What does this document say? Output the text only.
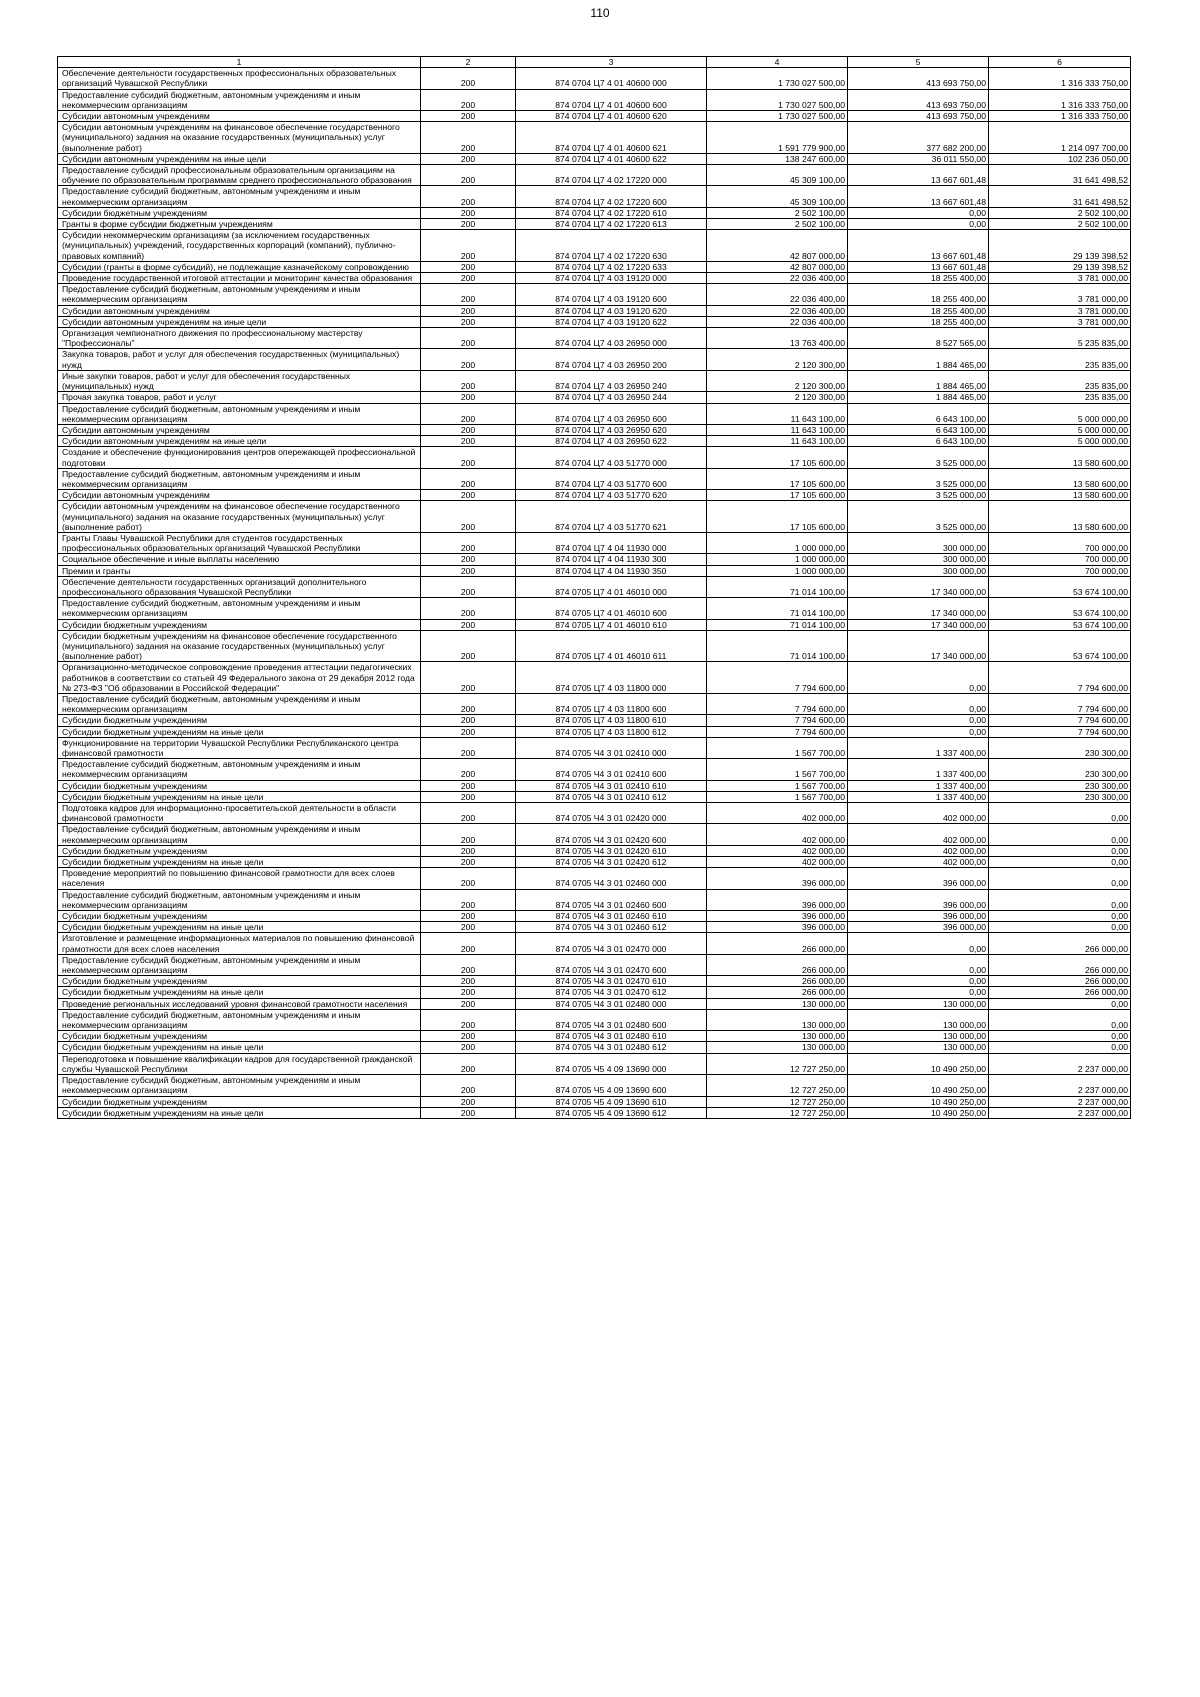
110
1	2	3	4	5	6
Обеспечение деятельности государственных профессиональных образовательных организаций Чувашской Республики	200	874 0704 Ц7 4 01 40600 000	1 730 027 500,00	413 693 750,00	1 316 333 750,00
Предоставление субсидий бюджетным, автономным учреждениям и иным некоммерческим организациям	200	874 0704 Ц7 4 01 40600 600	1 730 027 500,00	413 693 750,00	1 316 333 750,00
Субсидии автономным учреждениям	200	874 0704 Ц7 4 01 40600 620	1 730 027 500,00	413 693 750,00	1 316 333 750,00
Субсидии автономным учреждениям на финансовое обеспечение государственного (муниципального) задания на оказание государственных (муниципальных) услуг (выполнение работ)	200	874 0704 Ц7 4 01 40600 621	1 591 779 900,00	377 682 200,00	1 214 097 700,00
Субсидии автономным учреждениям на иные цели	200	874 0704 Ц7 4 01 40600 622	138 247 600,00	36 011 550,00	102 236 050,00
Предоставление субсидий профессиональным образовательным организациям на обучение по образовательным программам среднего профессионального образования	200	874 0704 Ц7 4 02 17220 000	45 309 100,00	13 667 601,48	31 641 498,52
Предоставление субсидий бюджетным, автономным учреждениям и иным некоммерческим организациям	200	874 0704 Ц7 4 02 17220 600	45 309 100,00	13 667 601,48	31 641 498,52
Субсидии бюджетным учреждениям	200	874 0704 Ц7 4 02 17220 610	2 502 100,00	0,00	2 502 100,00
Гранты в форме субсидии бюджетным учреждениям	200	874 0704 Ц7 4 02 17220 613	2 502 100,00	0,00	2 502 100,00
Субсидии некоммерческим организациям (за исключением государственных (муниципальных) учреждений, государственных корпораций (компаний), публично-правовых компаний)	200	874 0704 Ц7 4 02 17220 630	42 807 000,00	13 667 601,48	29 139 398,52
Субсидии (гранты в форме субсидий), не подлежащие казначейскому сопровождению	200	874 0704 Ц7 4 02 17220 633	42 807 000,00	13 667 601,48	29 139 398,52
Проведение государственной итоговой аттестации и мониторинг качества образования	200	874 0704 Ц7 4 03 19120 000	22 036 400,00	18 255 400,00	3 781 000,00
Предоставление субсидий бюджетным, автономным учреждениям и иным некоммерческим организациям	200	874 0704 Ц7 4 03 19120 600	22 036 400,00	18 255 400,00	3 781 000,00
Субсидии автономным учреждениям	200	874 0704 Ц7 4 03 19120 620	22 036 400,00	18 255 400,00	3 781 000,00
Субсидии автономным учреждениям на иные цели	200	874 0704 Ц7 4 03 19120 622	22 036 400,00	18 255 400,00	3 781 000,00
Организация чемпионатного движения по профессиональному мастерству "Профессионалы"	200	874 0704 Ц7 4 03 26950 000	13 763 400,00	8 527 565,00	5 235 835,00
Закупка товаров, работ и услуг для обеспечения государственных (муниципальных) нужд	200	874 0704 Ц7 4 03 26950 200	2 120 300,00	1 884 465,00	235 835,00
Иные закупки товаров, работ и услуг для обеспечения государственных (муниципальных) нужд	200	874 0704 Ц7 4 03 26950 240	2 120 300,00	1 884 465,00	235 835,00
Прочая закупка товаров, работ и услуг	200	874 0704 Ц7 4 03 26950 244	2 120 300,00	1 884 465,00	235 835,00
Предоставление субсидий бюджетным, автономным учреждениям и иным некоммерческим организациям	200	874 0704 Ц7 4 03 26950 600	11 643 100,00	6 643 100,00	5 000 000,00
Субсидии автономным учреждениям	200	874 0704 Ц7 4 03 26950 620	11 643 100,00	6 643 100,00	5 000 000,00
Субсидии автономным учреждениям на иные цели	200	874 0704 Ц7 4 03 26950 622	11 643 100,00	6 643 100,00	5 000 000,00
Создание и обеспечение функционирования центров опережающей профессиональной подготовки	200	874 0704 Ц7 4 03 51770 000	17 105 600,00	3 525 000,00	13 580 600,00
Предоставление субсидий бюджетным, автономным учреждениям и иным некоммерческим организациям	200	874 0704 Ц7 4 03 51770 600	17 105 600,00	3 525 000,00	13 580 600,00
Субсидии автономным учреждениям	200	874 0704 Ц7 4 03 51770 620	17 105 600,00	3 525 000,00	13 580 600,00
Субсидии автономным учреждениям на финансовое обеспечение государственного (муниципального) задания на оказание государственных (муниципальных) услуг (выполнение работ)	200	874 0704 Ц7 4 03 51770 621	17 105 600,00	3 525 000,00	13 580 600,00
Гранты Главы Чувашской Республики для студентов государственных профессиональных образовательных организаций Чувашской Республики	200	874 0704 Ц7 4 04 11930 000	1 000 000,00	300 000,00	700 000,00
Социальное обеспечение и иные выплаты населению	200	874 0704 Ц7 4 04 11930 300	1 000 000,00	300 000,00	700 000,00
Премии и гранты	200	874 0704 Ц7 4 04 11930 350	1 000 000,00	300 000,00	700 000,00
Обеспечение деятельности государственных организаций дополнительного профессионального образования Чувашской Республики	200	874 0705 Ц7 4 01 46010 000	71 014 100,00	17 340 000,00	53 674 100,00
Предоставление субсидий бюджетным, автономным учреждениям и иным некоммерческим организациям	200	874 0705 Ц7 4 01 46010 600	71 014 100,00	17 340 000,00	53 674 100,00
Субсидии бюджетным учреждениям	200	874 0705 Ц7 4 01 46010 610	71 014 100,00	17 340 000,00	53 674 100,00
Субсидии бюджетным учреждениям на финансовое обеспечение государственного (муниципального) задания на оказание государственных (муниципальных) услуг (выполнение работ)	200	874 0705 Ц7 4 01 46010 611	71 014 100,00	17 340 000,00	53 674 100,00
Организационно-методическое сопровождение проведения аттестации педагогических работников в соответствии со статьей 49 Федерального закона от 29 декабря 2012 года № 273-ФЗ "Об образовании в Российской Федерации"	200	874 0705 Ц7 4 03 11800 000	7 794 600,00	0,00	7 794 600,00
Предоставление субсидий бюджетным, автономным учреждениям и иным некоммерческим организациям	200	874 0705 Ц7 4 03 11800 600	7 794 600,00	0,00	7 794 600,00
Субсидии бюджетным учреждениям	200	874 0705 Ц7 4 03 11800 610	7 794 600,00	0,00	7 794 600,00
Субсидии бюджетным учреждениям на иные цели	200	874 0705 Ц7 4 03 11800 612	7 794 600,00	0,00	7 794 600,00
Функционирование на территории Чувашской Республики Республиканского центра финансовой грамотности	200	874 0705 Ч4 3 01 02410 000	1 567 700,00	1 337 400,00	230 300,00
Предоставление субсидий бюджетным, автономным учреждениям и иным некоммерческим организациям	200	874 0705 Ч4 3 01 02410 600	1 567 700,00	1 337 400,00	230 300,00
Субсидии бюджетным учреждениям	200	874 0705 Ч4 3 01 02410 610	1 567 700,00	1 337 400,00	230 300,00
Субсидии бюджетным учреждениям на иные цели	200	874 0705 Ч4 3 01 02410 612	1 567 700,00	1 337 400,00	230 300,00
Подготовка кадров для информационно-просветительской деятельности в области финансовой грамотности	200	874 0705 Ч4 3 01 02420 000	402 000,00	402 000,00	0,00
Предоставление субсидий бюджетным, автономным учреждениям и иным некоммерческим организациям	200	874 0705 Ч4 3 01 02420 600	402 000,00	402 000,00	0,00
Субсидии бюджетным учреждениям	200	874 0705 Ч4 3 01 02420 610	402 000,00	402 000,00	0,00
Субсидии бюджетным учреждениям на иные цели	200	874 0705 Ч4 3 01 02420 612	402 000,00	402 000,00	0,00
Проведение мероприятий по повышению финансовой грамотности для всех слоев населения	200	874 0705 Ч4 3 01 02460 000	396 000,00	396 000,00	0,00
Предоставление субсидий бюджетным, автономным учреждениям и иным некоммерческим организациям	200	874 0705 Ч4 3 01 02460 600	396 000,00	396 000,00	0,00
Субсидии бюджетным учреждениям	200	874 0705 Ч4 3 01 02460 610	396 000,00	396 000,00	0,00
Субсидии бюджетным учреждениям на иные цели	200	874 0705 Ч4 3 01 02460 612	396 000,00	396 000,00	0,00
Изготовление и размещение информационных материалов по повышению финансовой грамотности для всех слоев населения	200	874 0705 Ч4 3 01 02470 000	266 000,00	0,00	266 000,00
Предоставление субсидий бюджетным, автономным учреждениям и иным некоммерческим организациям	200	874 0705 Ч4 3 01 02470 600	266 000,00	0,00	266 000,00
Субсидии бюджетным учреждениям	200	874 0705 Ч4 3 01 02470 610	266 000,00	0,00	266 000,00
Субсидии бюджетным учреждениям на иные цели	200	874 0705 Ч4 3 01 02470 612	266 000,00	0,00	266 000,00
Проведение региональных исследований уровня финансовой грамотности населения	200	874 0705 Ч4 3 01 02480 000	130 000,00	130 000,00	0,00
Предоставление субсидий бюджетным, автономным учреждениям и иным некоммерческим организациям	200	874 0705 Ч4 3 01 02480 600	130 000,00	130 000,00	0,00
Субсидии бюджетным учреждениям	200	874 0705 Ч4 3 01 02480 610	130 000,00	130 000,00	0,00
Субсидии бюджетным учреждениям на иные цели	200	874 0705 Ч4 3 01 02480 612	130 000,00	130 000,00	0,00
Переподготовка и повышение квалификации кадров для государственной гражданской службы Чувашской Республики	200	874 0705 Ч5 4 09 13690 000	12 727 250,00	10 490 250,00	2 237 000,00
Предоставление субсидий бюджетным, автономным учреждениям и иным некоммерческим организациям	200	874 0705 Ч5 4 09 13690 600	12 727 250,00	10 490 250,00	2 237 000,00
Субсидии бюджетным учреждениям	200	874 0705 Ч5 4 09 13690 610	12 727 250,00	10 490 250,00	2 237 000,00
Субсидии бюджетным учреждениям на иные цели	200	874 0705 Ч5 4 09 13690 612	12 727 250,00	10 490 250,00	2 237 000,00
